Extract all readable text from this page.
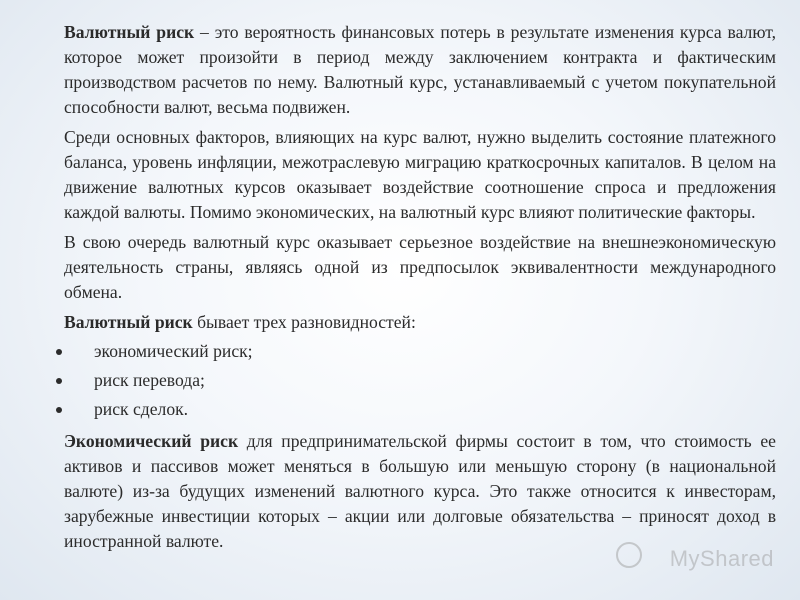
Валютный риск – это вероятность финансовых потерь в результате изменения курса валют, которое может произойти в период между заключением контракта и фактическим производством расчетов по нему. Валютный курс, устанавливаемый с учетом покупательной способности валют, весьма подвижен.

Среди основных факторов, влияющих на курс валют, нужно выделить состояние платежного баланса, уровень инфляции, межотраслевую миграцию краткосрочных капиталов. В целом на движение валютных курсов оказывает воздействие соотношение спроса и предложения каждой валюты. Помимо экономических, на валютный курс влияют политические факторы.

В свою очередь валютный курс оказывает серьезное воздействие на внешнеэкономическую деятельность страны, являясь одной из предпосылок эквивалентности международного обмена.

Валютный риск бывает трех разновидностей:

экономический риск;
риск перевода;
риск сделок.

Экономический риск для предпринимательской фирмы состоит в том, что стоимость ее активов и пассивов может меняться в большую или меньшую сторону (в национальной валюте) из-за будущих изменений валютного курса. Это также относится к инвесторам, зарубежные инвестиции которых – акции или долговые обязательства – приносят доход в иностранной валюте.

MyShared
